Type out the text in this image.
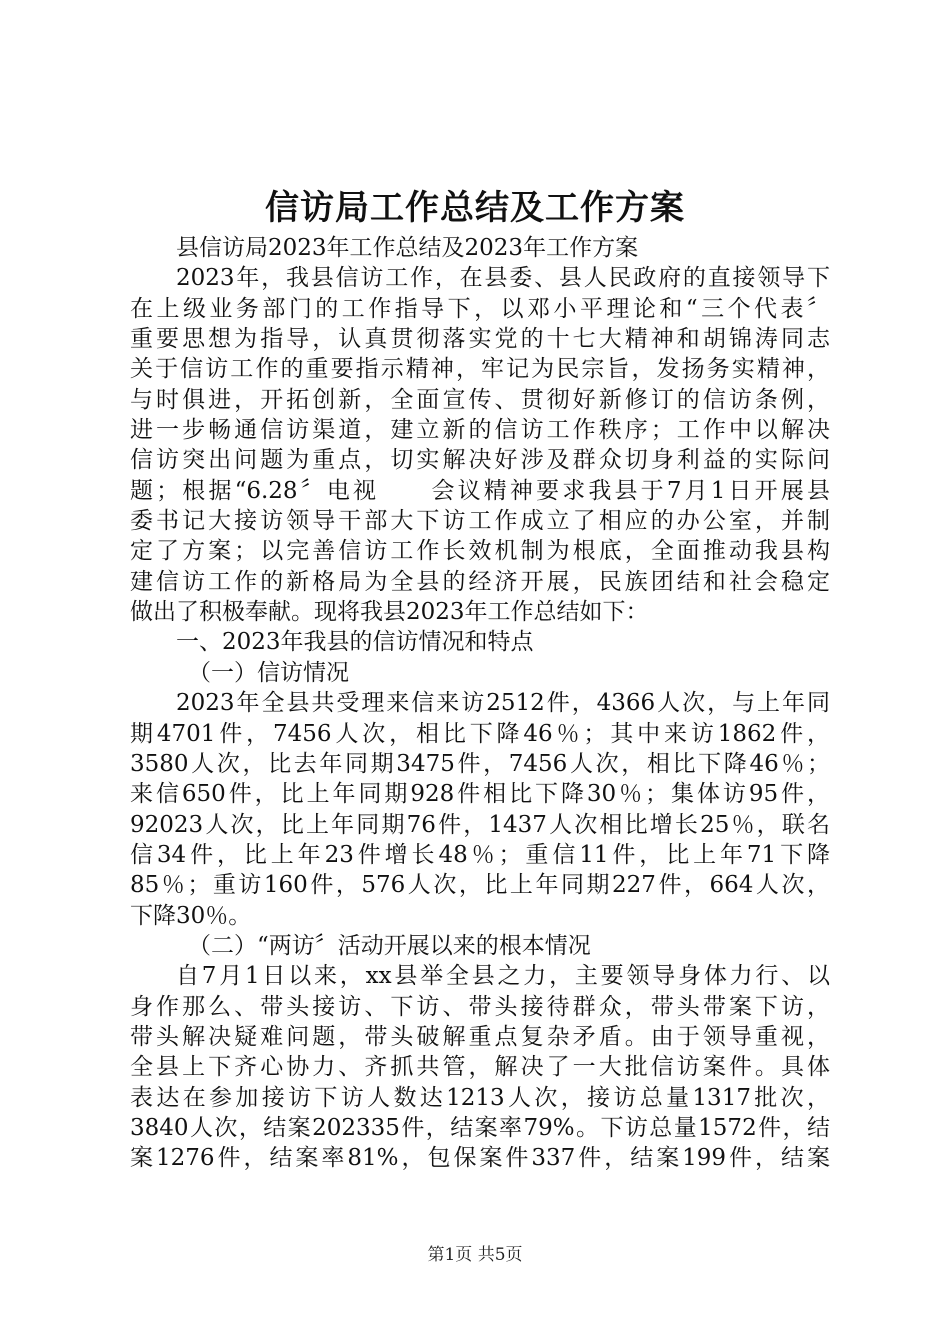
信访局工作总结及工作方案
县信访局2023年工作总结及2023年工作方案
2023年，我县信访工作，在县委、县人民政府的直接领导下
在上级业务部门的工作指导下，以邓小平理论和“三个代表〞
重要思想为指导，认真贯彻落实党的十七大精神和胡锦涛同志
关于信访工作的重要指示精神，牢记为民宗旨，发扬务实精神，
与时俱进，开拓创新，全面宣传、贯彻好新修订的信访条例，
进一步畅通信访渠道，建立新的信访工作秩序；工作中以解决
信访突出问题为重点，切实解决好涉及群众切身利益的实际问
题；根据“6.28〞电视　　会议精神要求我县于7月1日开展县
委书记大接访领导干部大下访工作成立了相应的办公室，并制
定了方案；以完善信访工作长效机制为根底，全面推动我县构
建信访工作的新格局为全县的经济开展，民族团结和社会稳定
做出了积极奉献。现将我县2023年工作总结如下：
一、2023年我县的信访情况和特点
（一）信访情况
2023年全县共受理来信来访2512件，4366人次，与上年同
期4701件，7456人次，相比下降46％；其中来访1862件，
3580人次，比去年同期3475件，7456人次，相比下降46％；
来信650件，比上年同期928件相比下降30％；集体访95件，
92023人次，比上年同期76件，1437人次相比增长25％，联名
信34件，比上年23件增长48％；重信11件，比上年71下降
85％；重访160件，576人次，比上年同期227件，664人次，
下降30％。
（二）“两访〞活动开展以来的根本情况
自7月1日以来，xx县举全县之力，主要领导身体力行、以
身作那么、带头接访、下访、带头接待群众，带头带案下访，
带头解决疑难问题，带头破解重点复杂矛盾。由于领导重视，
全县上下齐心协力、齐抓共管，解决了一大批信访案件。具体
表达在参加接访下访人数达1213人次，接访总量1317批次，
3840人次，结案202335件，结案率79%。下访总量1572件，结
案1276件，结案率81%，包保案件337件，结案199件，结案
第1页 共5页
